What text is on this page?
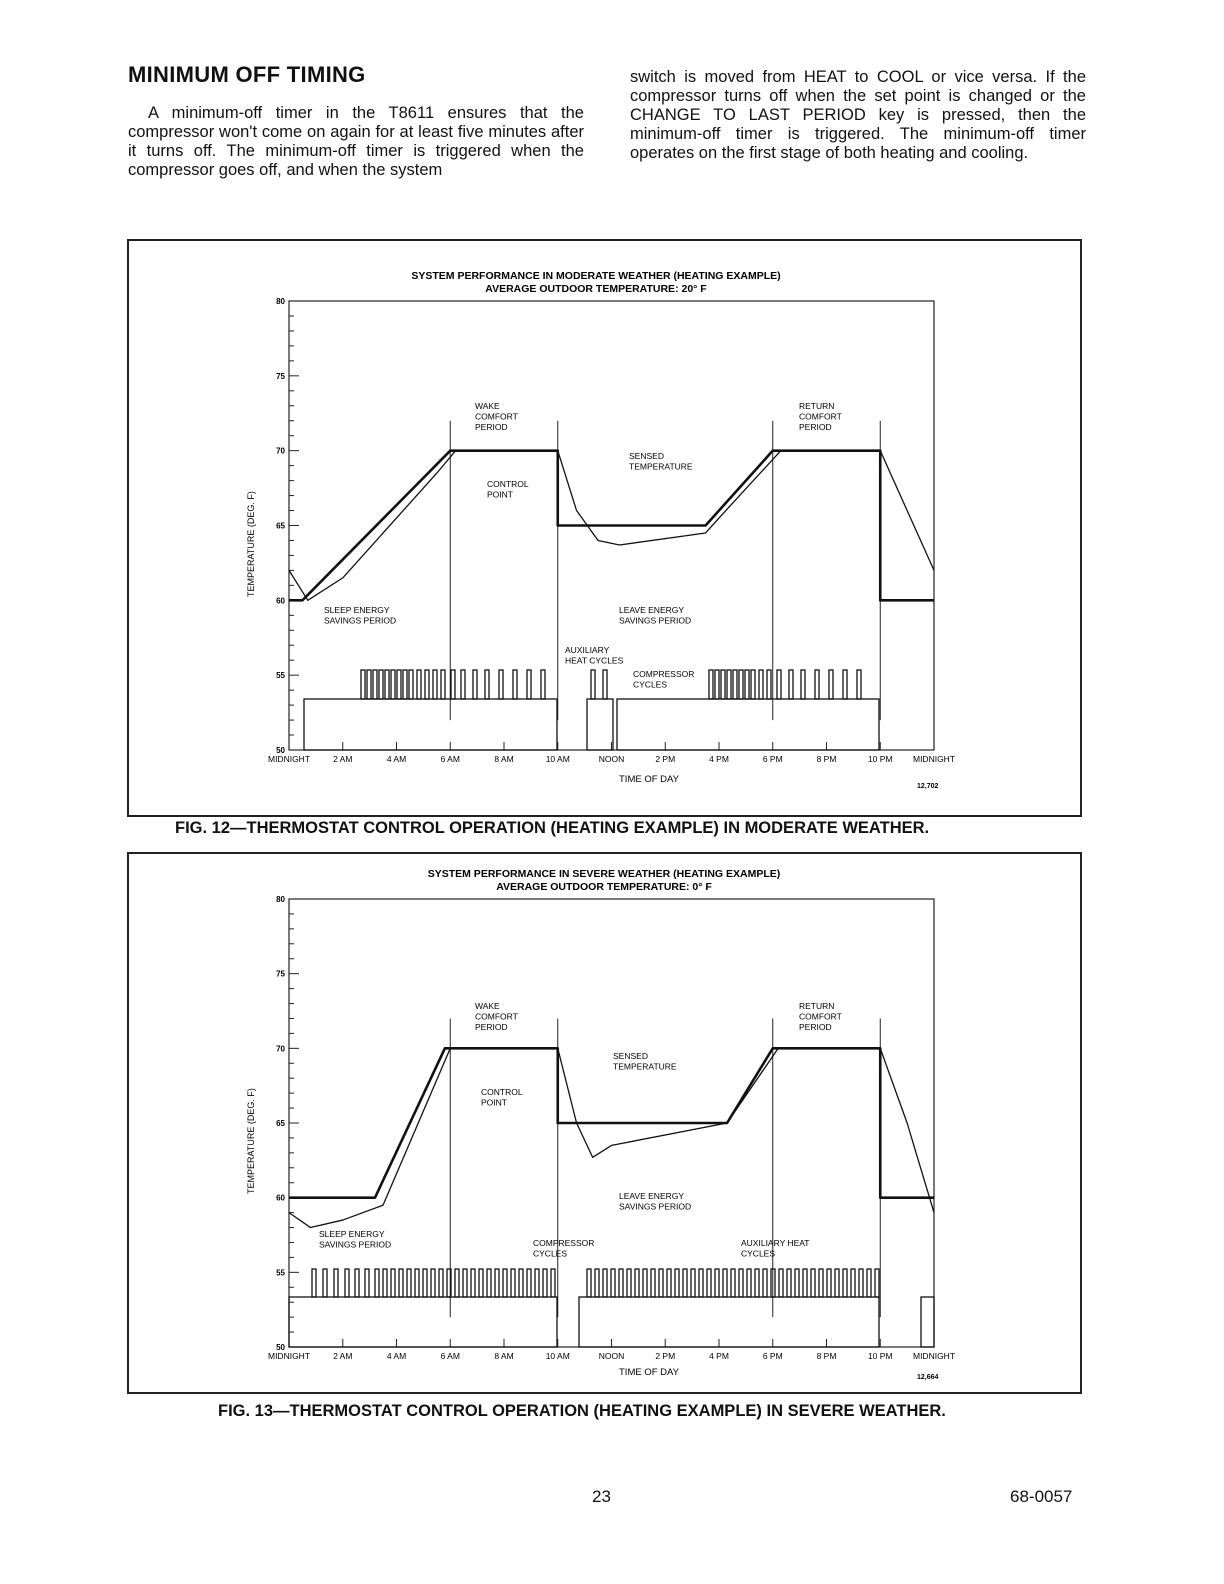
MINIMUM OFF TIMING

A minimum-off timer in the T8611 ensures that the compressor won't come on again for at least five minutes after it turns off. The minimum-off timer is triggered when the compressor goes off, and when the system

switch is moved from HEAT to COOL or vice versa. If the compressor turns off when the set point is changed or the CHANGE TO LAST PERIOD key is pressed, then the minimum-off timer is triggered. The minimum-off timer operates on the first stage of both heating and cooling.

SYSTEM PERFORMANCE IN MODERATE WEATHER (HEATING EXAMPLE)
AVERAGE OUTDOOR TEMPERATURE: 20° F
TEMPERATURE (DEG. F)
TIME OF DAY
12,702
50
55
60
65
70
75
80
MIDNIGHT	2 AM	4 AM	6 AM	8 AM	10 AM	NOON	2 PM	4 PM	6 PM	8 PM	10 PM MIDNIGHT
WAKE
COMFORT
PERIOD
RETURN
COMFORT
PERIOD
SENSED
TEMPERATURE
CONTROL
POINT
SLEEP ENERGY
SAVINGS PERIOD
LEAVE ENERGY
SAVINGS PERIOD
AUXILIARY
HEAT CYCLES
COMPRESSOR
CYCLES

FIG. 12—THERMOSTAT CONTROL OPERATION (HEATING EXAMPLE) IN MODERATE WEATHER.

SYSTEM PERFORMANCE IN SEVERE WEATHER (HEATING EXAMPLE)
AVERAGE OUTDOOR TEMPERATURE: 0° F
TEMPERATURE (DEG. F)
TIME OF DAY	12,664
50
55
60
65
70
75
80
MIDNIGHT	2 AM	4 AM	6 AM	8 AM	10 AM	NOON	2 PM	4 PM	6 PM	8 PM	10 PM MIDNIGHT
WAKE
COMFORT
PERIOD
RETURN
COMFORT
PERIOD
SENSED
TEMPERATURE
CONTROL
POINT
SLEEP ENERGY
SAVINGS PERIOD
LEAVE ENERGY
SAVINGS PERIOD
COMPRESSOR
CYCLES
AUXILIARY HEAT
CYCLES

FIG. 13—THERMOSTAT CONTROL OPERATION (HEATING EXAMPLE) IN SEVERE WEATHER.

23	68-0057
